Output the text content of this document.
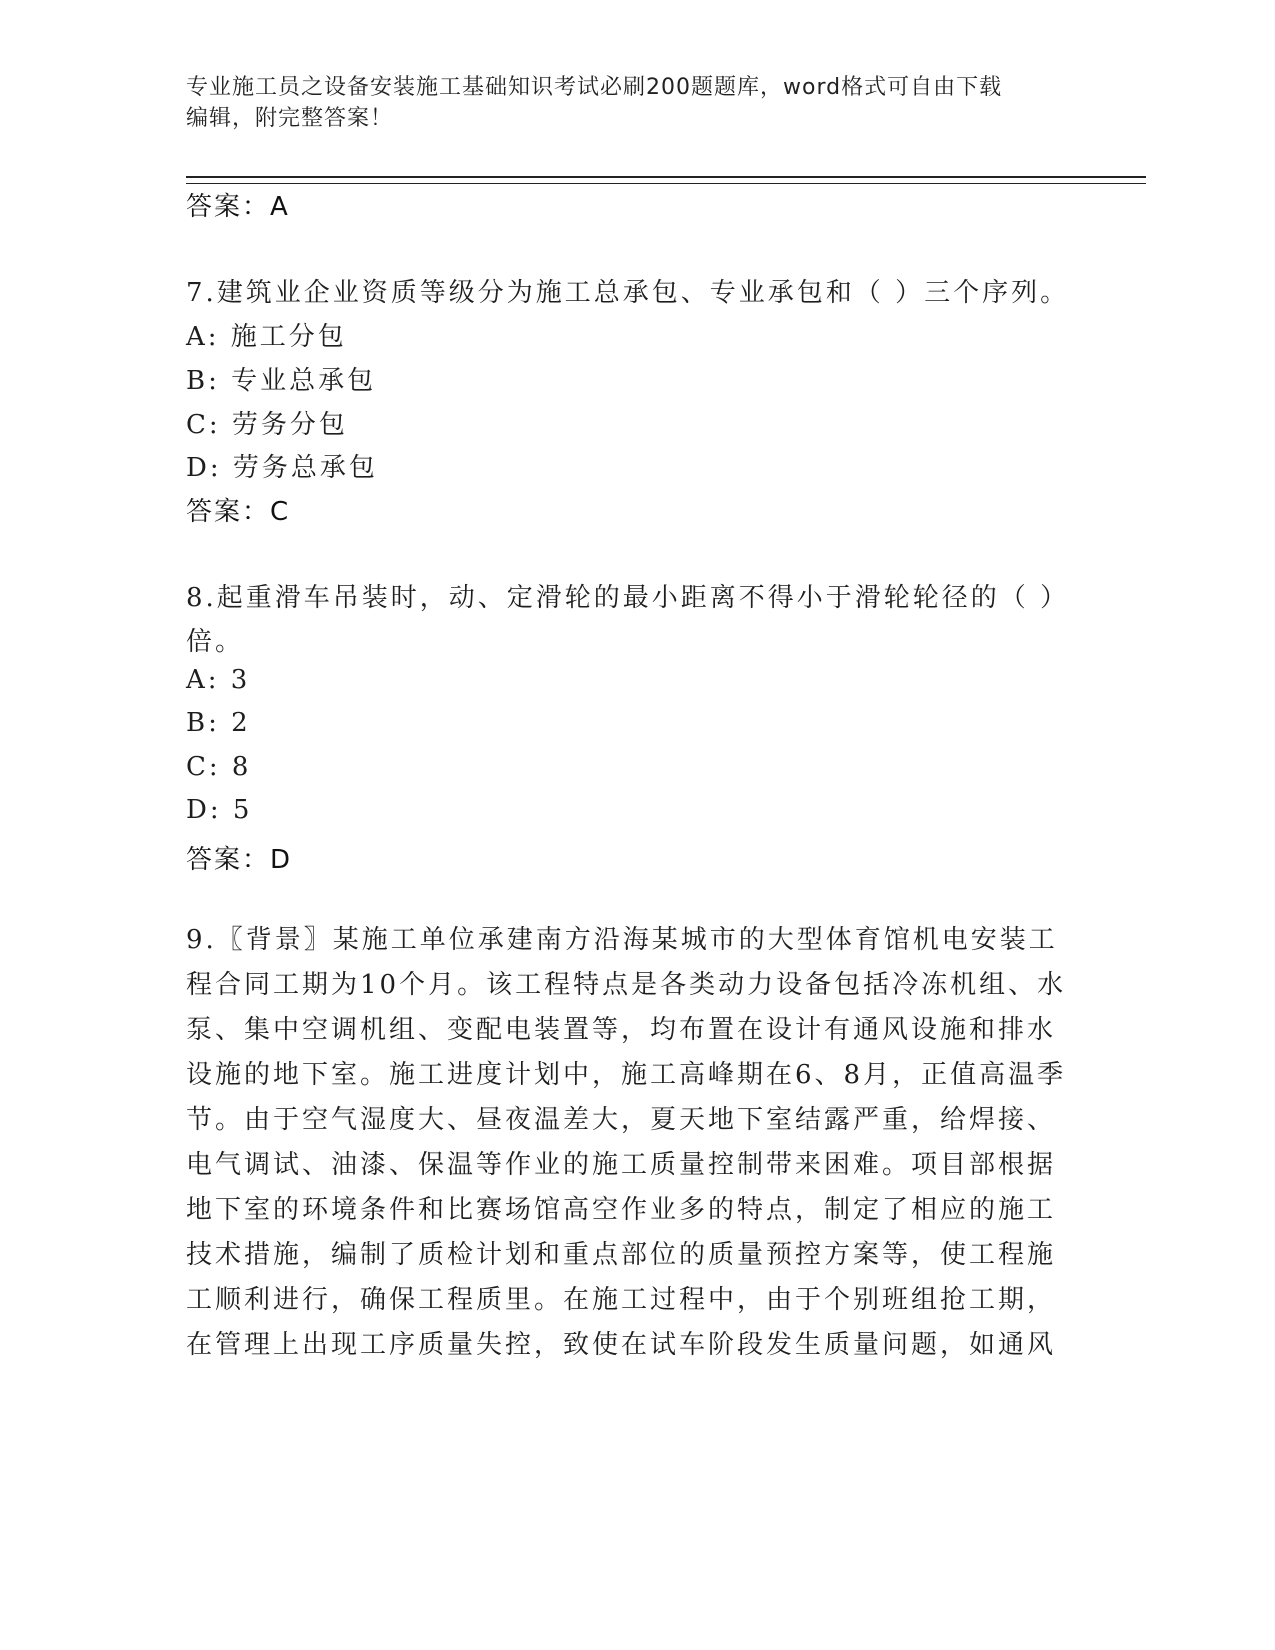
专业施工员之设备安装施工基础知识考试必刷200题题库，word格式可自由下载
编辑，附完整答案！
答案：A
7.建筑业企业资质等级分为施工总承包、专业承包和（ ）三个序列。
A: 施工分包
B: 专业总承包
C: 劳务分包
D: 劳务总承包
答案：C
8.起重滑车吊装时，动、定滑轮的最小距离不得小于滑轮轮径的（ ）
倍。
A: 3
B: 2
C: 8
D: 5
答案：D
9.〖背景〗某施工单位承建南方沿海某城市的大型体育馆机电安装工
程合同工期为10个月。该工程特点是各类动力设备包括冷冻机组、水
泵、集中空调机组、变配电装置等，均布置在设计有通风设施和排水
设施的地下室。施工进度计划中，施工高峰期在6、8月，正值高温季
节。由于空气湿度大、昼夜温差大，夏天地下室结露严重，给焊接、
电气调试、油漆、保温等作业的施工质量控制带来困难。项目部根据
地下室的环境条件和比赛场馆高空作业多的特点，制定了相应的施工
技术措施，编制了质检计划和重点部位的质量预控方案等，使工程施
工顺利进行，确保工程质里。在施工过程中，由于个别班组抢工期，
在管理上出现工序质量失控，致使在试车阶段发生质量问题，如通风
